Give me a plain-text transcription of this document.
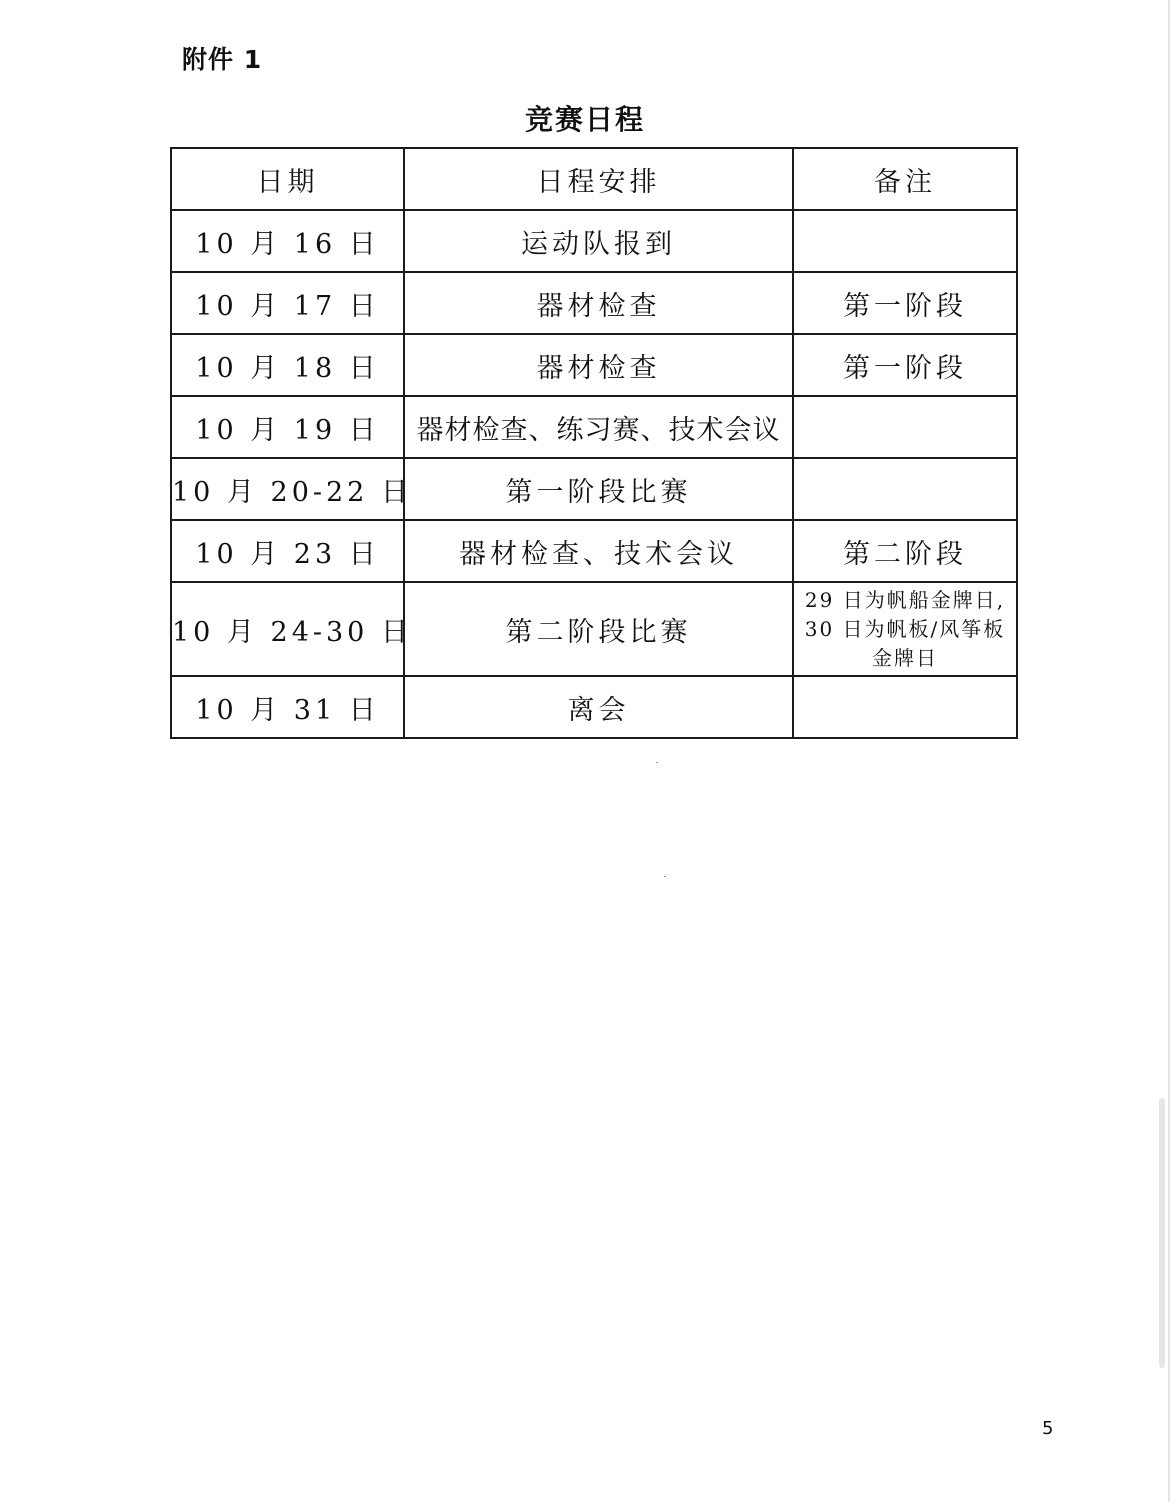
附件 1
竞赛日程
日期	日程安排	备注
10 月 16 日	运动队报到	
10 月 17 日	器材检查	第一阶段
10 月 18 日	器材检查	第一阶段
10 月 19 日	器材检查、练习赛、技术会议	
10 月 20-22 日	第一阶段比赛	
10 月 23 日	器材检查、技术会议	第二阶段
10 月 24-30 日	第二阶段比赛	29 日为帆船金牌日,
30 日为帆板/风筝板
金牌日

10 月 31 日	离会	
5
